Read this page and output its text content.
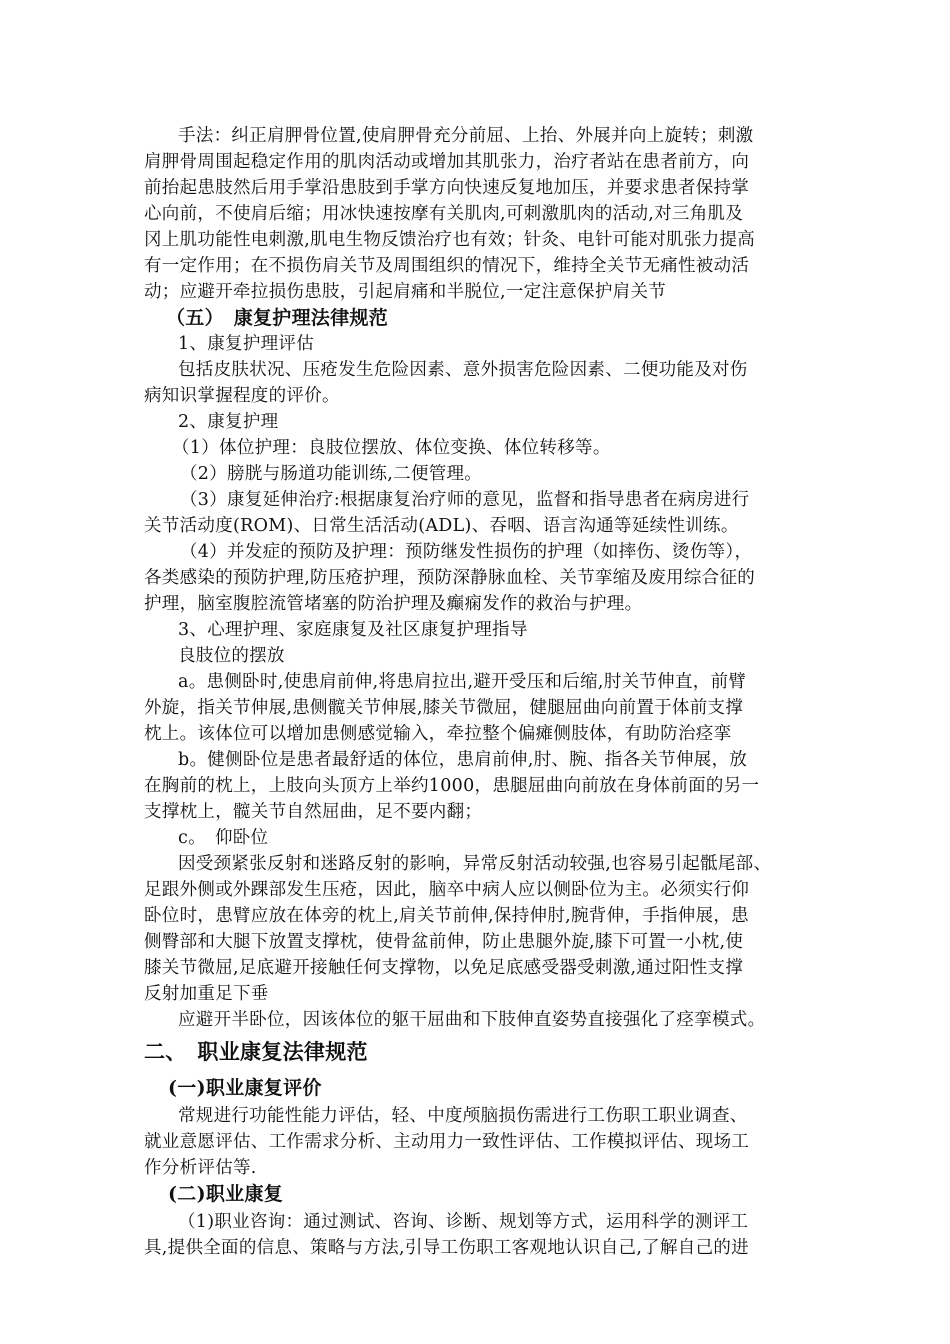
手法：纠正肩胛骨位置,使肩胛骨充分前屈、上抬、外展并向上旋转；刺激
肩胛骨周围起稳定作用的肌肉活动或增加其肌张力，治疗者站在患者前方，向
前抬起患肢然后用手掌沿患肢到手掌方向快速反复地加压，并要求患者保持掌
心向前，不使肩后缩；用冰快速按摩有关肌肉,可刺激肌肉的活动,对三角肌及
冈上肌功能性电刺激,肌电生物反馈治疗也有效；针灸、电针可能对肌张力提高
有一定作用；在不损伤肩关节及周围组织的情况下，维持全关节无痛性被动活
动；应避开牵拉损伤患肢，引起肩痛和半脱位,一定注意保护肩关节
（五）　康复护理法律规范
1、康复护理评估
包括皮肤状况、压疮发生危险因素、意外损害危险因素、二便功能及对伤
病知识掌握程度的评价。
2、康复护理
（1）体位护理：良肢位摆放、体位变换、体位转移等。
（2）膀胱与肠道功能训练,二便管理。
（3）康复延伸治疗:根据康复治疗师的意见，监督和指导患者在病房进行
关节活动度(ROM)、日常生活活动(ADL)、吞咽、语言沟通等延续性训练。
（4）并发症的预防及护理：预防继发性损伤的护理（如摔伤、烫伤等），
各类感染的预防护理,防压疮护理，预防深静脉血栓、关节挛缩及废用综合征的
护理，脑室腹腔流管堵塞的防治护理及癫痫发作的救治与护理。
3、心理护理、家庭康复及社区康复护理指导
良肢位的摆放
a。患侧卧时,使患肩前伸,将患肩拉出,避开受压和后缩,肘关节伸直，前臂
外旋，指关节伸展,患侧髋关节伸展,膝关节微屈，健腿屈曲向前置于体前支撑
枕上。该体位可以增加患侧感觉输入，牵拉整个偏瘫侧肢体，有助防治痉挛
b。健侧卧位是患者最舒适的体位，患肩前伸,肘、腕、指各关节伸展，放
在胸前的枕上，上肢向头顶方上举约1000，患腿屈曲向前放在身体前面的另一
支撑枕上，髋关节自然屈曲，足不要内翻；
c。　仰卧位
因受颈紧张反射和迷路反射的影响，异常反射活动较强,也容易引起骶尾部、
足跟外侧或外踝部发生压疮，因此，脑卒中病人应以侧卧位为主。必须实行仰
卧位时，患臂应放在体旁的枕上,肩关节前伸,保持伸肘,腕背伸，手指伸展，患
侧臀部和大腿下放置支撑枕，使骨盆前伸，防止患腿外旋,膝下可置一小枕,使
膝关节微屈,足底避开接触任何支撑物，以免足底感受器受刺激,通过阳性支撑
反射加重足下垂
应避开半卧位，因该体位的躯干屈曲和下肢伸直姿势直接强化了痉挛模式。
二、　职业康复法律规范
(一)职业康复评价
常规进行功能性能力评估，轻、中度颅脑损伤需进行工伤职工职业调查、
就业意愿评估、工作需求分析、主动用力一致性评估、工作模拟评估、现场工
作分析评估等.
(二)职业康复
（1)职业咨询：通过测试、咨询、诊断、规划等方式，运用科学的测评工
具,提供全面的信息、策略与方法,引导工伤职工客观地认识自己,了解自己的进
